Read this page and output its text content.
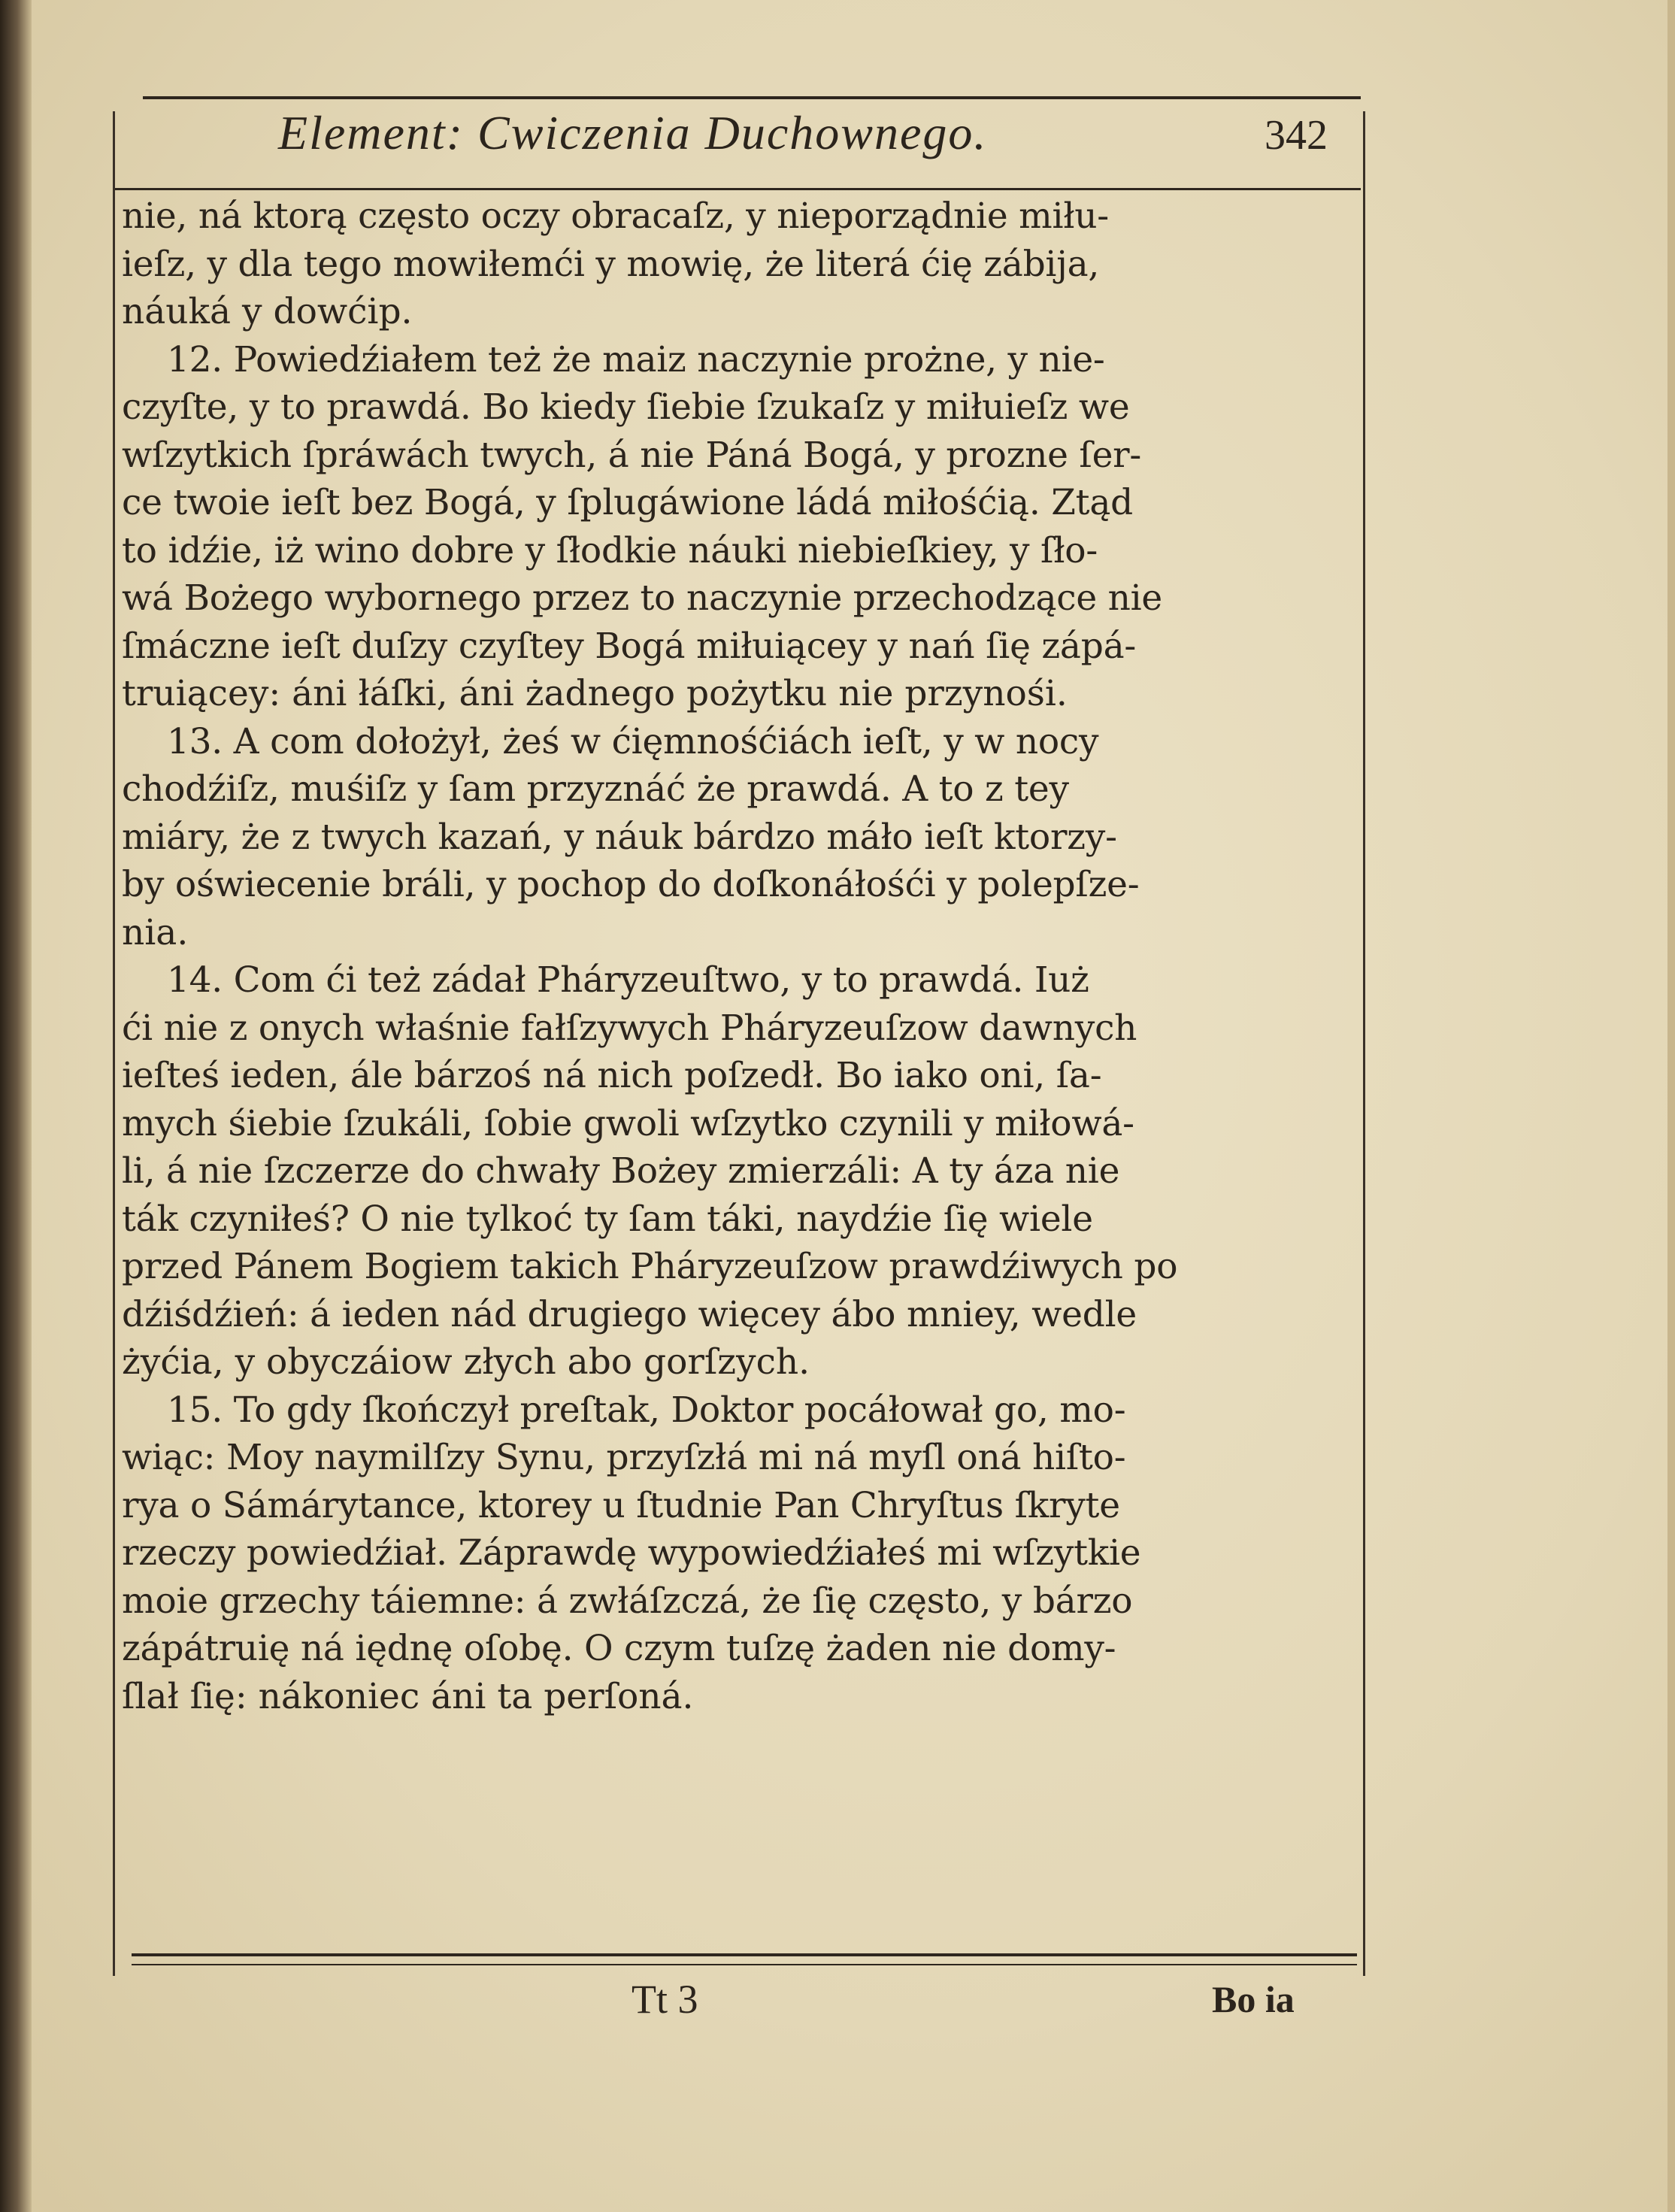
Element: Cwiczenia Duchownego.	342
nie, ná ktorą często oczy obracaſz, y nieporządnie miłu-
ieſz, y dla tego mowiłemći y mowię, że literá ćię zábija,
náuká y dowćip.
12. Powiedźiałem też że maiz naczynie prożne, y nie-
czyſte, y to prawdá. Bo kiedy ſiebie ſzukaſz y miłuieſz we
wſzytkich ſpráwách twych, á nie Páná Bogá, y prozne ſer-
ce twoie ieſt bez Bogá, y ſplugáwione ládá miłośćią. Ztąd
to idźie, iż wino dobre y ſłodkie náuki niebieſkiey, y ſło-
wá Bożego wybornego przez to naczynie przechodzące nie
ſmáczne ieſt duſzy czyſtey Bogá miłuiącey y nań ſię zápá-
truiącey: áni łáſki, áni żadnego pożytku nie przynośi.
13. A com dołożył, żeś w ćięmnośćiách ieſt, y w nocy
chodźiſz, muśiſz y ſam przyznáć że prawdá. A to z tey
miáry, że z twych kazań, y náuk bárdzo máło ieſt ktorzy-
by oświecenie bráli, y pochop do doſkonáłośći y polepſze-
nia.
14. Com ći też zádał Pháryzeuſtwo, y to prawdá. Iuż
ći nie z onych właśnie fałſzywych Pháryzeuſzow dawnych
ieſteś ieden, ále bárzoś ná nich poſzedł. Bo iako oni, ſa-
mych śiebie ſzukáli, ſobie gwoli wſzytko czynili y miłowá-
li, á nie ſzczerze do chwały Bożey zmierzáli: A ty áza nie
ták czyniłeś? O nie tylkoć ty ſam táki, naydźie ſię wiele
przed Pánem Bogiem takich Pháryzeuſzow prawdźiwych po
dźiśdźień: á ieden nád drugiego więcey ábo mniey, wedle
żyćia, y obyczáiow złych abo gorſzych.
15. To gdy ſkończył preſtak, Doktor pocáłował go, mo-
wiąc: Moy naymilſzy Synu, przyſzłá mi ná myſl oná hiſto-
rya o Sámárytance, ktorey u ſtudnie Pan Chryſtus ſkryte
rzeczy powiedźiał. Záprawdę wypowiedźiałeś mi wſzytkie
moie grzechy táiemne: á zwłáſzczá, że ſię często, y bárzo
zápátruię ná iędnę oſobę. O czym tuſzę żaden nie domy-
ſlał ſię: nákoniec áni ta perſoná.
Tt 3	Bo ia
